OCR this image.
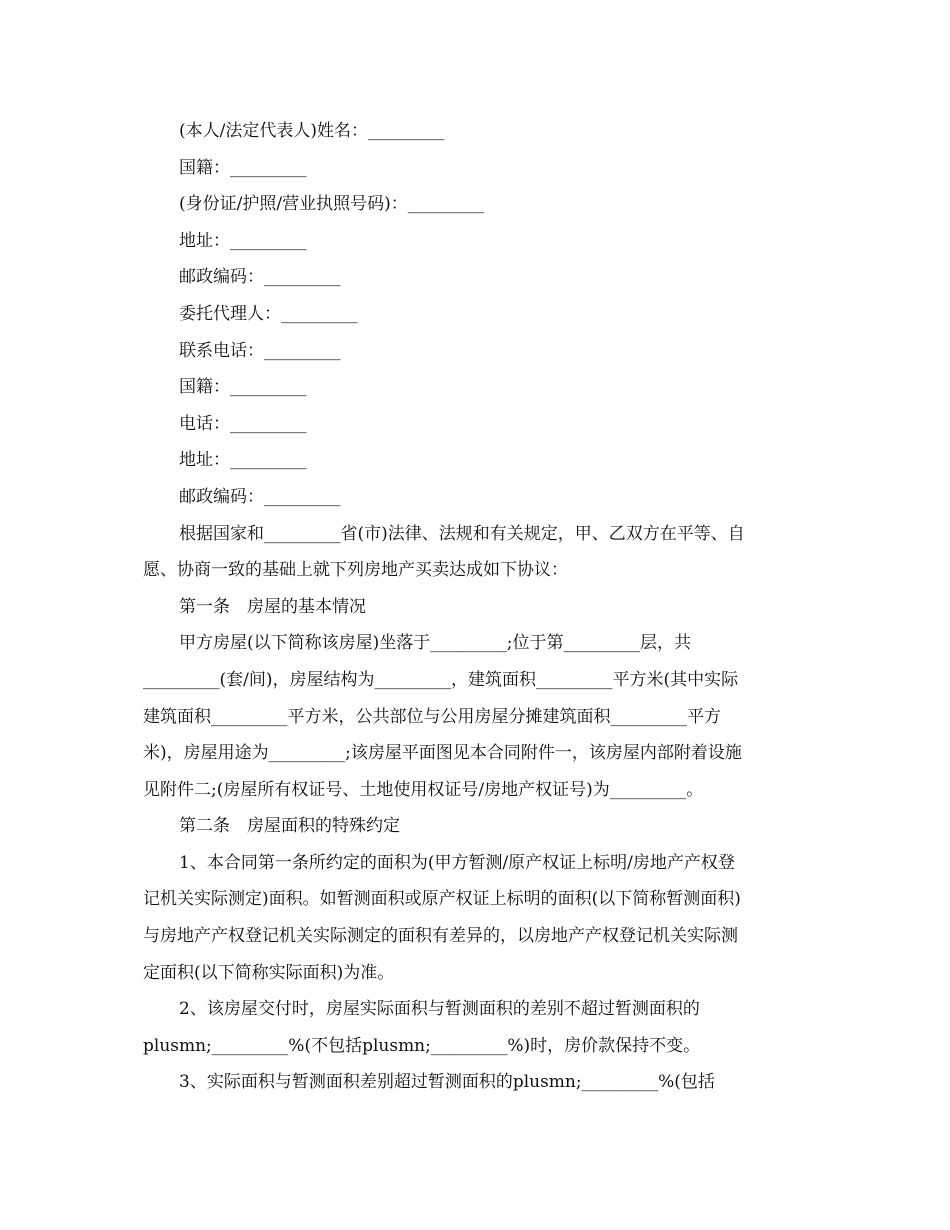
(本人/法定代表人)姓名：_________
国籍：_________
(身份证/护照/营业执照号码)：_________
地址：_________
邮政编码：_________
委托代理人：_________
联系电话：_________
国籍：_________
电话：_________
地址：_________
邮政编码：_________
根据国家和_________省(市)法律、法规和有关规定，甲、乙双方在平等、自
愿、协商一致的基础上就下列房地产买卖达成如下协议：
第一条　房屋的基本情况
甲方房屋(以下简称该房屋)坐落于_________;位于第_________层，共
_________(套/间)，房屋结构为_________，建筑面积_________平方米(其中实际
建筑面积_________平方米，公共部位与公用房屋分摊建筑面积_________平方
米)，房屋用途为_________;该房屋平面图见本合同附件一，该房屋内部附着设施
见附件二;(房屋所有权证号、土地使用权证号/房地产权证号)为_________。
第二条　房屋面积的特殊约定
1、本合同第一条所约定的面积为(甲方暂测/原产权证上标明/房地产产权登
记机关实际测定)面积。如暂测面积或原产权证上标明的面积(以下简称暂测面积)
与房地产产权登记机关实际测定的面积有差异的，以房地产产权登记机关实际测
定面积(以下简称实际面积)为准。
2、该房屋交付时，房屋实际面积与暂测面积的差别不超过暂测面积的
plusmn;_________%(不包括plusmn;_________%)时，房价款保持不变。
3、实际面积与暂测面积差别超过暂测面积的plusmn;_________%(包括
